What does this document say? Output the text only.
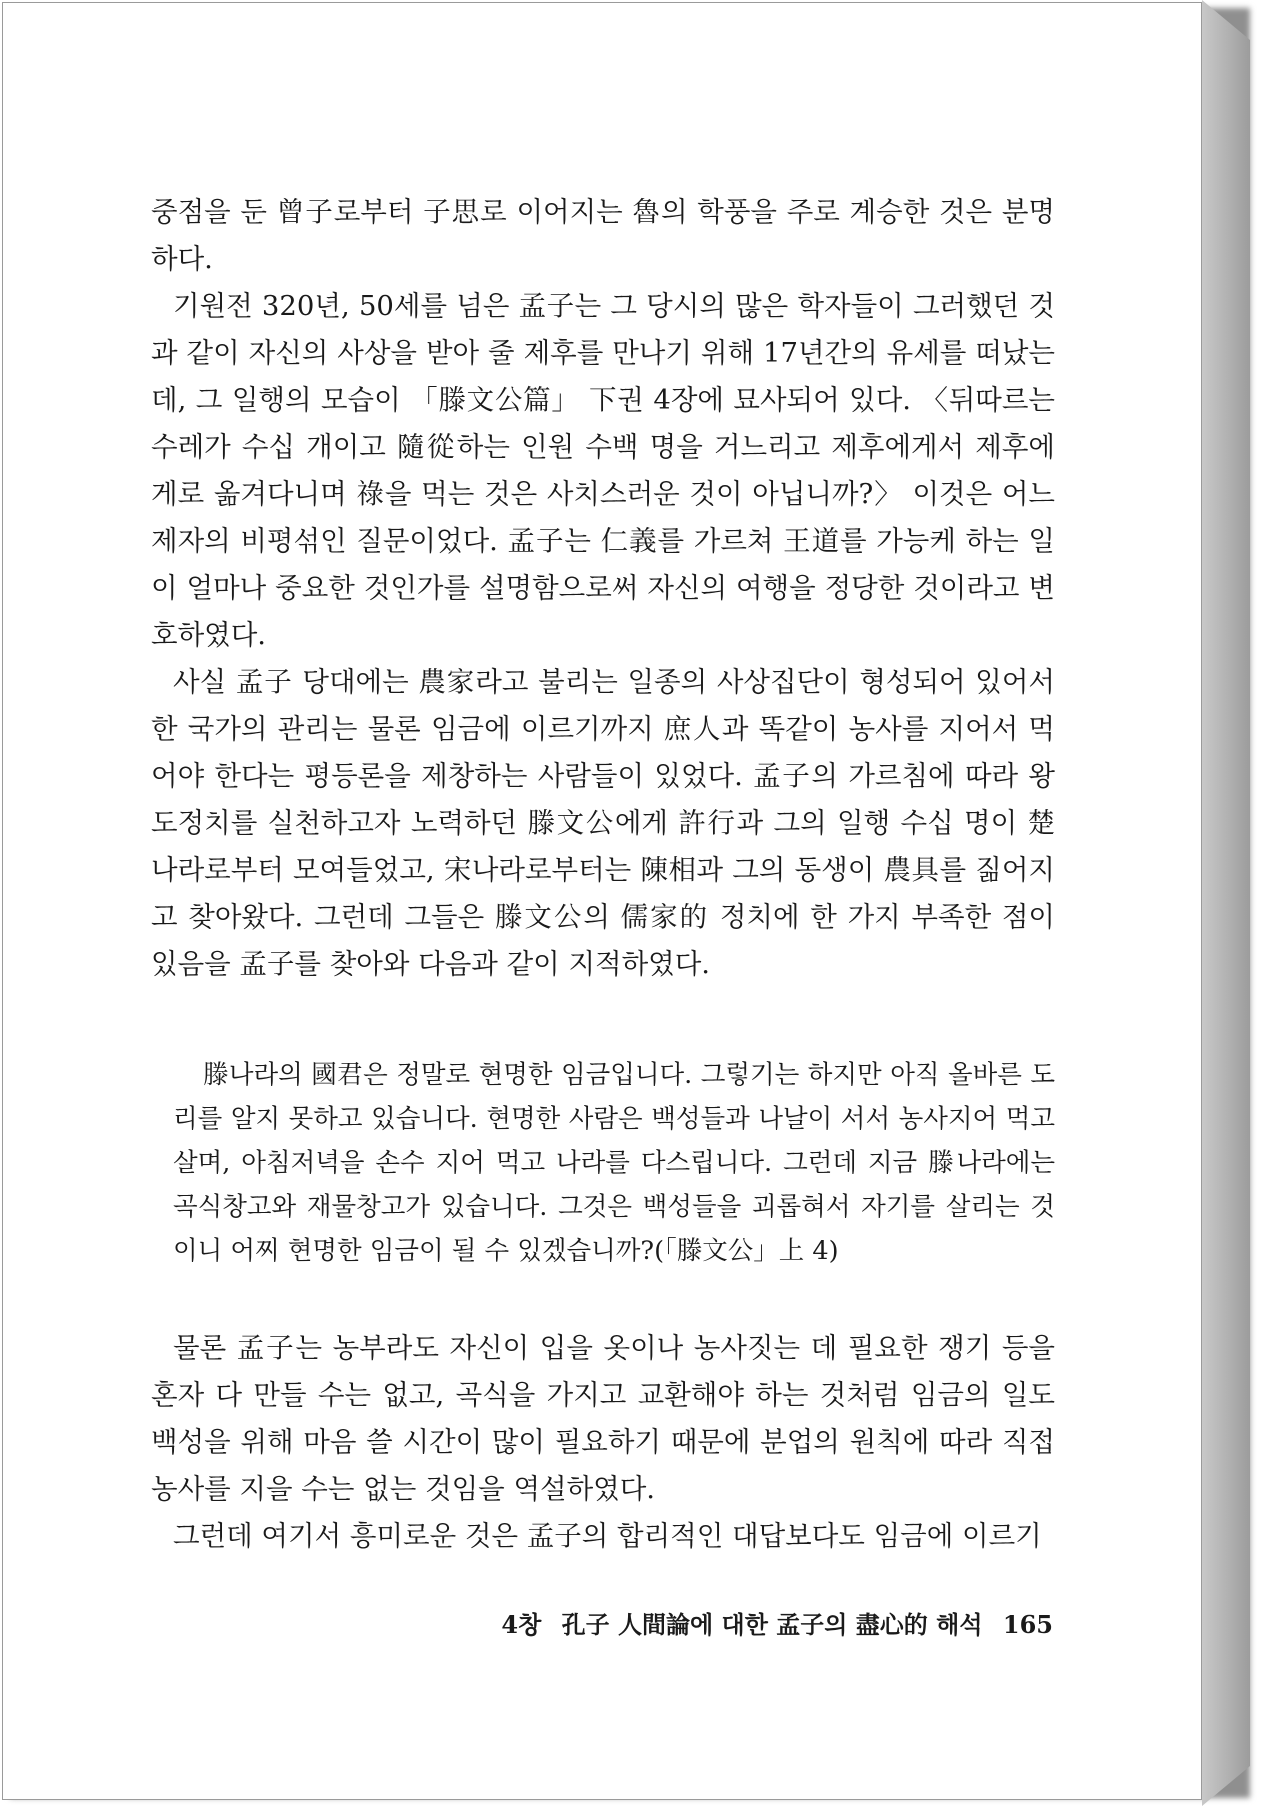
중점을 둔 曾子로부터 子思로 이어지는 魯의 학풍을 주로 계승한 것은 분명하다.

기원전 320년, 50세를 넘은 孟子는 그 당시의 많은 학자들이 그러했던 것과 같이 자신의 사상을 받아 줄 제후를 만나기 위해 17년간의 유세를 떠났는데, 그 일행의 모습이 「滕文公篇」 下권 4장에 묘사되어 있다. 〈뒤따르는 수레가 수십 개이고 隨從하는 인원 수백 명을 거느리고 제후에게서 제후에게로 옮겨다니며 祿을 먹는 것은 사치스러운 것이 아닙니까?〉 이것은 어느 제자의 비평섞인 질문이었다. 孟子는 仁義를 가르쳐 王道를 가능케 하는 일이 얼마나 중요한 것인가를 설명함으로써 자신의 여행을 정당한 것이라고 변호하였다.

사실 孟子 당대에는 農家라고 불리는 일종의 사상집단이 형성되어 있어서 한 국가의 관리는 물론 임금에 이르기까지 庶人과 똑같이 농사를 지어서 먹어야 한다는 평등론을 제창하는 사람들이 있었다. 孟子의 가르침에 따라 왕도정치를 실천하고자 노력하던 滕文公에게 許行과 그의 일행 수십 명이 楚나라로부터 모여들었고, 宋나라로부터는 陳相과 그의 동생이 農具를 짊어지고 찾아왔다. 그런데 그들은 滕文公의 儒家的 정치에 한 가지 부족한 점이 있음을 孟子를 찾아와 다음과 같이 지적하였다.

滕나라의 國君은 정말로 현명한 임금입니다. 그렇기는 하지만 아직 올바른 도리를 알지 못하고 있습니다. 현명한 사람은 백성들과 나날이 서서 농사지어 먹고 살며, 아침저녁을 손수 지어 먹고 나라를 다스립니다. 그런데 지금 滕나라에는 곡식창고와 재물창고가 있습니다. 그것은 백성들을 괴롭혀서 자기를 살리는 것이니 어찌 현명한 임금이 될 수 있겠습니까?(「滕文公」上 4)

물론 孟子는 농부라도 자신이 입을 옷이나 농사짓는 데 필요한 쟁기 등을 혼자 다 만들 수는 없고, 곡식을 가지고 교환해야 하는 것처럼 임금의 일도 백성을 위해 마음 쓸 시간이 많이 필요하기 때문에 분업의 원칙에 따라 직접 농사를 지을 수는 없는 것임을 역설하였다.

그런데 여기서 흥미로운 것은 孟子의 합리적인 대답보다도 임금에 이르기

4창 孔子 人間論에 대한 孟子의 盡心的 해석 165
